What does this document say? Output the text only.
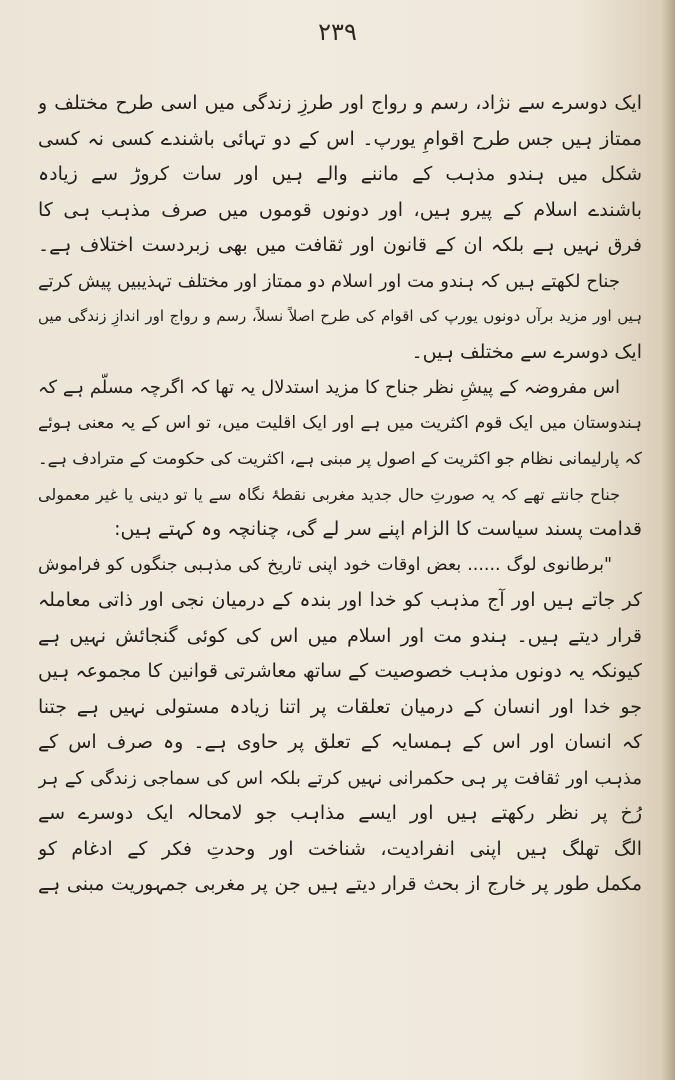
۲۳۹
ایک دوسرے سے نژاد، رسم و رواج اور طرزِ زندگی میں اسی طرح مختلف و
ممتاز ہیں جس طرح اقوامِ یورپ۔ اس کے دو تہائی باشندے کسی نہ کسی
شکل میں ہندو مذہب کے ماننے والے ہیں اور سات کروڑ سے زیادہ
باشندے اسلام کے پیرو ہیں، اور دونوں قوموں میں صرف مذہب ہی کا
فرق نہیں ہے بلکہ ان کے قانون اور ثقافت میں بھی زبردست اختلاف ہے۔
جناح لکھتے ہیں کہ ہندو مت اور اسلام دو ممتاز اور مختلف تہذیبیں پیش کرتے
ہیں اور مزید برآں دونوں یورپ کی اقوام کی طرح اصلاً نسلاً، رسم و رواج اور اندازِ زندگی میں
ایک دوسرے سے مختلف ہیں۔
اس مفروضہ کے پیشِ نظر جناح کا مزید استدلال یہ تھا کہ اگرچہ مسلّم ہے کہ
ہندوستان میں ایک قوم اکثریت میں ہے اور ایک اقلیت میں، تو اس کے یہ معنی ہوئے
کہ پارلیمانی نظام جو اکثریت کے اصول پر مبنی ہے، اکثریت کی حکومت کے مترادف ہے۔
جناح جانتے تھے کہ یہ صورتِ حال جدید مغربی نقطۂ نگاہ سے یا تو دینی یا غیر معمولی
قدامت پسند سیاست کا الزام اپنے سر لے گی، چنانچہ وہ کہتے ہیں:
"برطانوی لوگ ...... بعض اوقات خود اپنی تاریخ کی مذہبی جنگوں کو فراموش
کر جاتے ہیں اور آج مذہب کو خدا اور بندہ کے درمیان نجی اور ذاتی معاملہ
قرار دیتے ہیں۔ ہندو مت اور اسلام میں اس کی کوئی گنجائش نہیں ہے
کیونکہ یہ دونوں مذہب خصوصیت کے ساتھ معاشرتی قوانین کا مجموعہ ہیں
جو خدا اور انسان کے درمیان تعلقات پر اتنا زیادہ مستولی نہیں ہے جتنا
کہ انسان اور اس کے ہمسایہ کے تعلق پر حاوی ہے۔ وہ صرف اس کے
مذہب اور ثقافت پر ہی حکمرانی نہیں کرتے بلکہ اس کی سماجی زندگی کے ہر
رُخ پر نظر رکھتے ہیں اور ایسے مذاہب جو لامحالہ ایک دوسرے سے
الگ تھلگ ہیں اپنی انفرادیت، شناخت اور وحدتِ فکر کے ادغام کو
مکمل طور پر خارج از بحث قرار دیتے ہیں جن پر مغربی جمہوریت مبنی ہے
